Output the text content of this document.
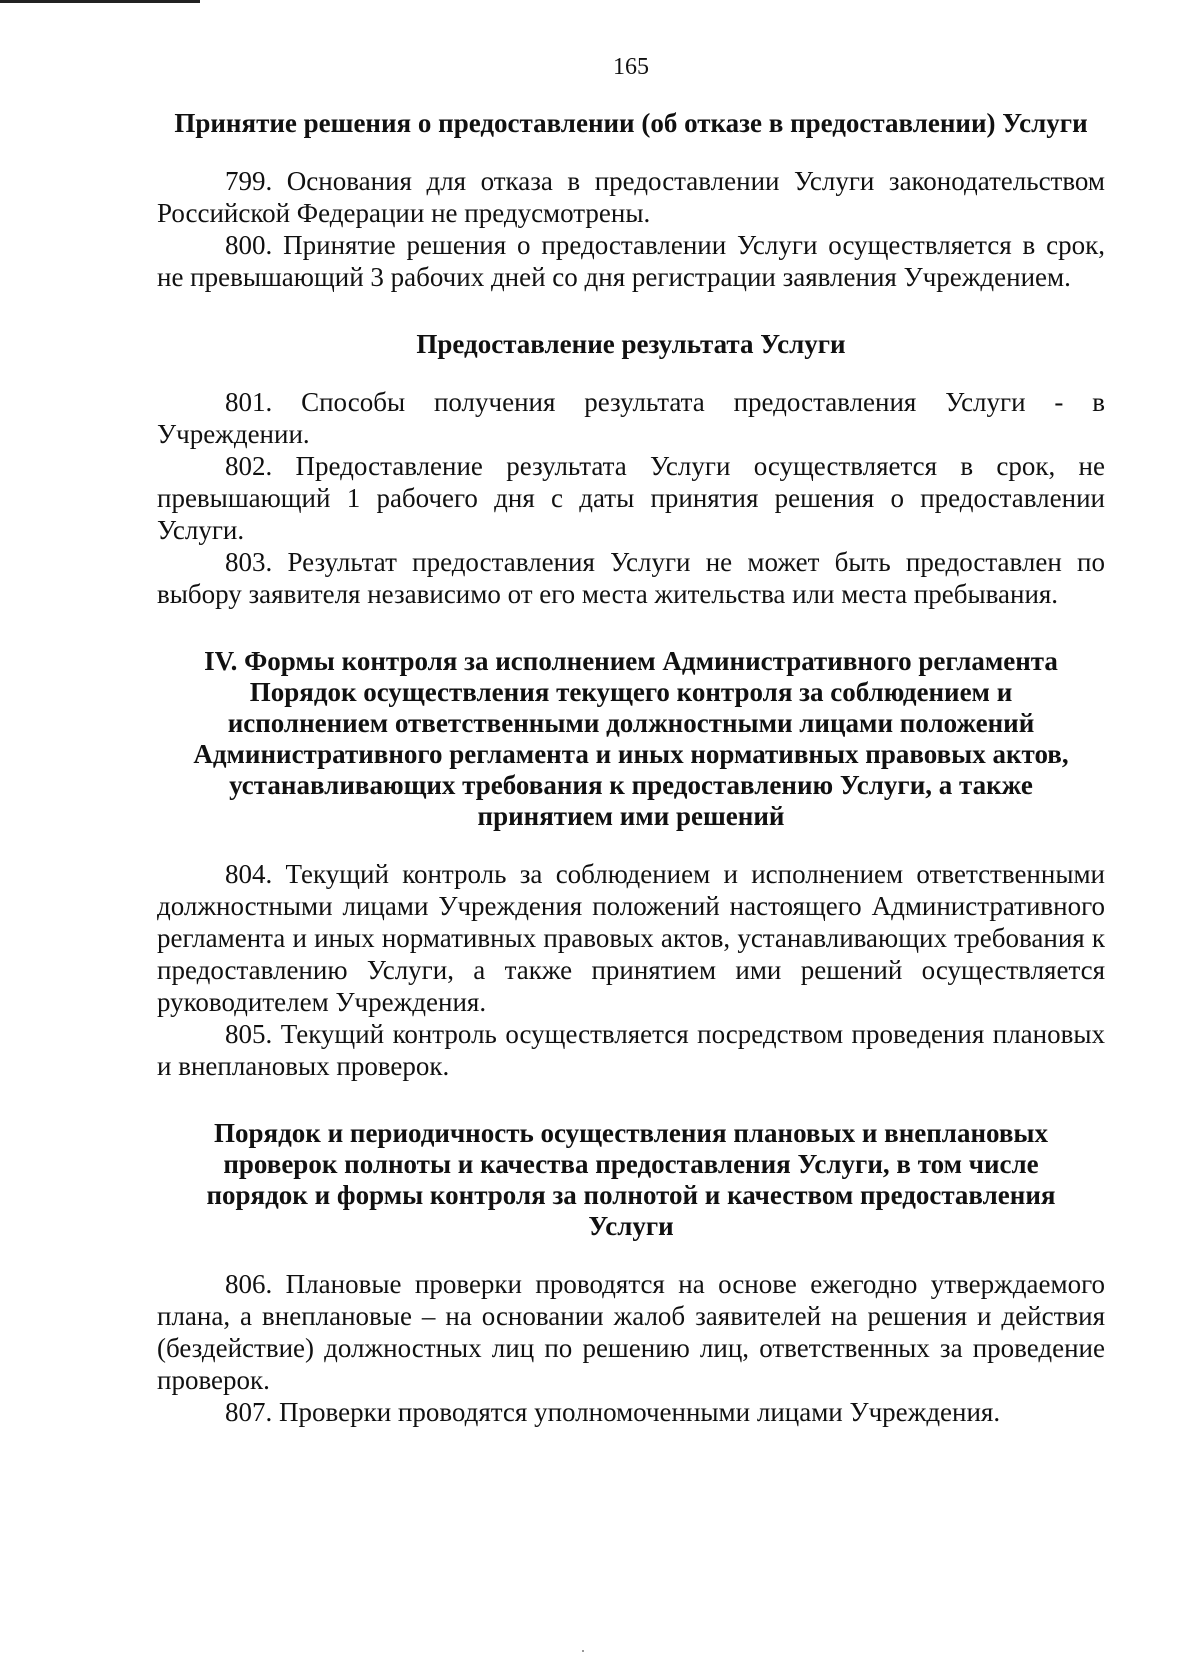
165
Принятие решения о предоставлении (об отказе в предоставлении) Услуги

799. Основания для отказа в предоставлении Услуги законодательством Российской Федерации не предусмотрены.

800. Принятие решения о предоставлении Услуги осуществляется в срок, не превышающий 3 рабочих дней со дня регистрации заявления Учреждением.

Предоставление результата Услуги

801. Способы получения результата предоставления Услуги - в Учреждении.

802. Предоставление результата Услуги осуществляется в срок, не превышающий 1 рабочего дня с даты принятия решения о предоставлении Услуги.

803. Результат предоставления Услуги не может быть предоставлен по выбору заявителя независимо от его места жительства или места пребывания.

IV. Формы контроля за исполнением Административного регламента
Порядок осуществления текущего контроля за соблюдением и
исполнением ответственными должностными лицами положений
Административного регламента и иных нормативных правовых актов,
устанавливающих требования к предоставлению Услуги, а также
принятием ими решений

804. Текущий контроль за соблюдением и исполнением ответственными должностными лицами Учреждения положений настоящего Административного регламента и иных нормативных правовых актов, устанавливающих требования к предоставлению Услуги, а также принятием ими решений осуществляется руководителем Учреждения.

805. Текущий контроль осуществляется посредством проведения плановых и внеплановых проверок.

Порядок и периодичность осуществления плановых и внеплановых
проверок полноты и качества предоставления Услуги, в том числе
порядок и формы контроля за полнотой и качеством предоставления
Услуги

806. Плановые проверки проводятся на основе ежегодно утверждаемого плана, а внеплановые – на основании жалоб заявителей на решения и действия (бездействие) должностных лиц по решению лиц, ответственных за проведение проверок.

807. Проверки проводятся уполномоченными лицами Учреждения.
